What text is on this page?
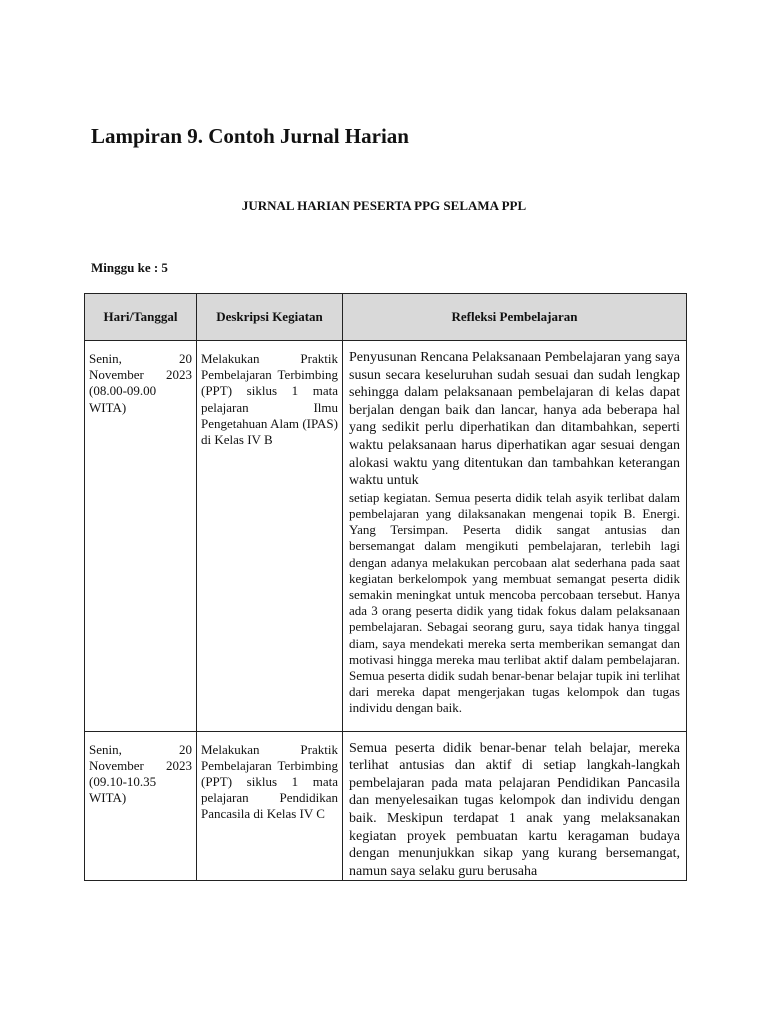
Lampiran 9. Contoh Jurnal Harian

JURNAL HARIAN PESERTA PPG SELAMA PPL

Minggu ke : 5

Hari/Tanggal	Deskripsi Kegiatan	Refleksi Pembelajaran
Senin, 20 November 2023 (08.00-09.00 WITA)	Melakukan Praktik Pembelajaran Terbimbing (PPT) siklus 1 mata pelajaran Ilmu Pengetahuan Alam (IPAS) di Kelas IV B	Penyusunan Rencana Pelaksanaan Pembelajaran yang saya susun secara keseluruhan sudah sesuai dan sudah lengkap sehingga dalam pelaksanaan pembelajaran di kelas dapat berjalan dengan baik dan lancar, hanya ada beberapa hal yang sedikit perlu diperhatikan dan ditambahkan, seperti waktu pelaksanaan harus diperhatikan agar sesuai dengan alokasi waktu yang ditentukan dan tambahkan keterangan waktu untuk
setiap kegiatan. Semua peserta didik telah asyik terlibat dalam pembelajaran yang dilaksanakan mengenai topik B. Energi. Yang Tersimpan. Peserta didik sangat antusias dan bersemangat dalam mengikuti pembelajaran, terlebih lagi dengan adanya melakukan percobaan alat sederhana pada saat kegiatan berkelompok yang membuat semangat peserta didik semakin meningkat untuk mencoba percobaan tersebut. Hanya ada 3 orang peserta didik yang tidak fokus dalam pelaksanaan pembelajaran. Sebagai seorang guru, saya tidak hanya tinggal diam, saya mendekati mereka serta memberikan semangat dan motivasi hingga mereka mau terlibat aktif dalam pembelajaran. Semua peserta didik sudah benar-benar belajar tupik ini terlihat dari mereka dapat mengerjakan tugas kelompok dan tugas individu dengan baik.
Senin, 20 November 2023 (09.10-10.35 WITA)	Melakukan Praktik Pembelajaran Terbimbing (PPT) siklus 1 mata pelajaran Pendidikan Pancasila di Kelas IV C	Semua peserta didik benar-benar telah belajar, mereka terlihat antusias dan aktif di setiap langkah-langkah pembelajaran pada mata pelajaran Pendidikan Pancasila dan menyelesaikan tugas kelompok dan individu dengan baik. Meskipun terdapat 1 anak yang melaksanakan kegiatan proyek pembuatan kartu keragaman budaya dengan menunjukkan sikap yang kurang bersemangat, namun saya selaku guru berusaha
